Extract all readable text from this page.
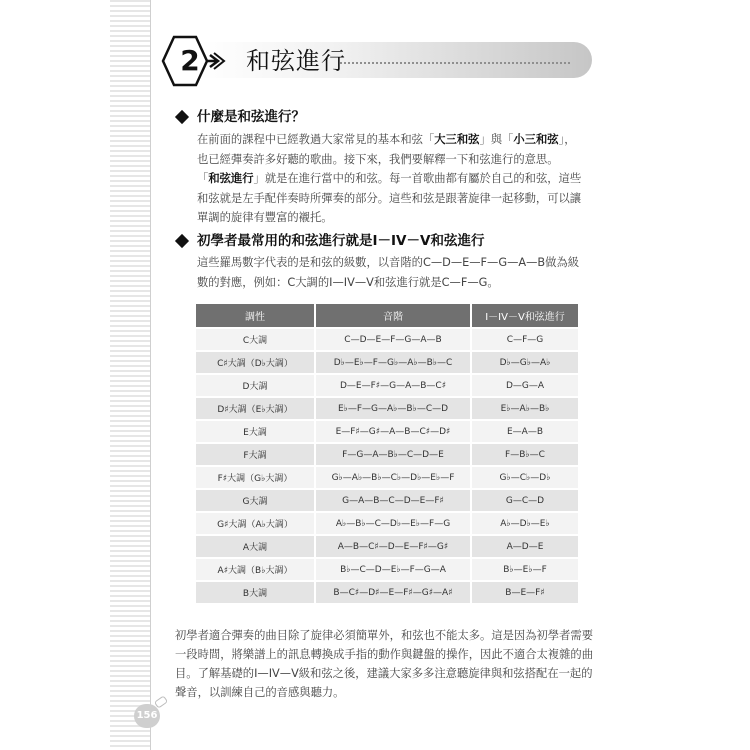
2 和弦進行
什麼是和弦進行？

在前面的課程中已經教過大家常見的基本和弦「大三和弦」與「小三和弦」，也已經彈奏許多好聽的歌曲。接下來，我們要解釋一下和弦進行的意思。

「和弦進行」就是在進行當中的和弦。每一首歌曲都有屬於自己的和弦，這些和弦就是左手配伴奏時所彈奏的部分。這些和弦是跟著旋律一起移動，可以讓單調的旋律有豐富的襯托。

初學者最常用的和弦進行就是I－IV－V和弦進行

這些羅馬數字代表的是和弦的級數，以音階的C—D—E—F—G—A—B做為級數的對應，例如：C大調的I—IV—V和弦進行就是C—F—G。

調性	音階	I－IV－V和弦進行
C大調	C—D—E—F—G—A—B	C—F—G
C♯大調（D♭大調）	D♭—E♭—F—G♭—A♭—B♭—C	D♭—G♭—A♭
D大調	D—E—F♯—G—A—B—C♯	D—G—A
D♯大調（E♭大調）	E♭—F—G—A♭—B♭—C—D	E♭—A♭—B♭
E大調	E—F♯—G♯—A—B—C♯—D♯	E—A—B
F大調	F—G—A—B♭—C—D—E	F—B♭—C
F♯大調（G♭大調）	G♭—A♭—B♭—C♭—D♭—E♭—F	G♭—C♭—D♭
G大調	G—A—B—C—D—E—F♯	G—C—D
G♯大調（A♭大調）	A♭—B♭—C—D♭—E♭—F—G	A♭—D♭—E♭
A大調	A—B—C♯—D—E—F♯—G♯	A—D—E
A♯大調（B♭大調）	B♭—C—D—E♭—F—G—A	B♭—E♭—F
B大調	B—C♯—D♯—E—F♯—G♯—A♯	B—E—F♯

初學者適合彈奏的曲目除了旋律必須簡單外，和弦也不能太多。這是因為初學者需要一段時間，將樂譜上的訊息轉換成手指的動作與鍵盤的操作，因此不適合太複雜的曲目。了解基礎的I—IV—V級和弦之後，建議大家多多注意聽旋律與和弦搭配在一起的聲音，以訓練自己的音感與聽力。

156
